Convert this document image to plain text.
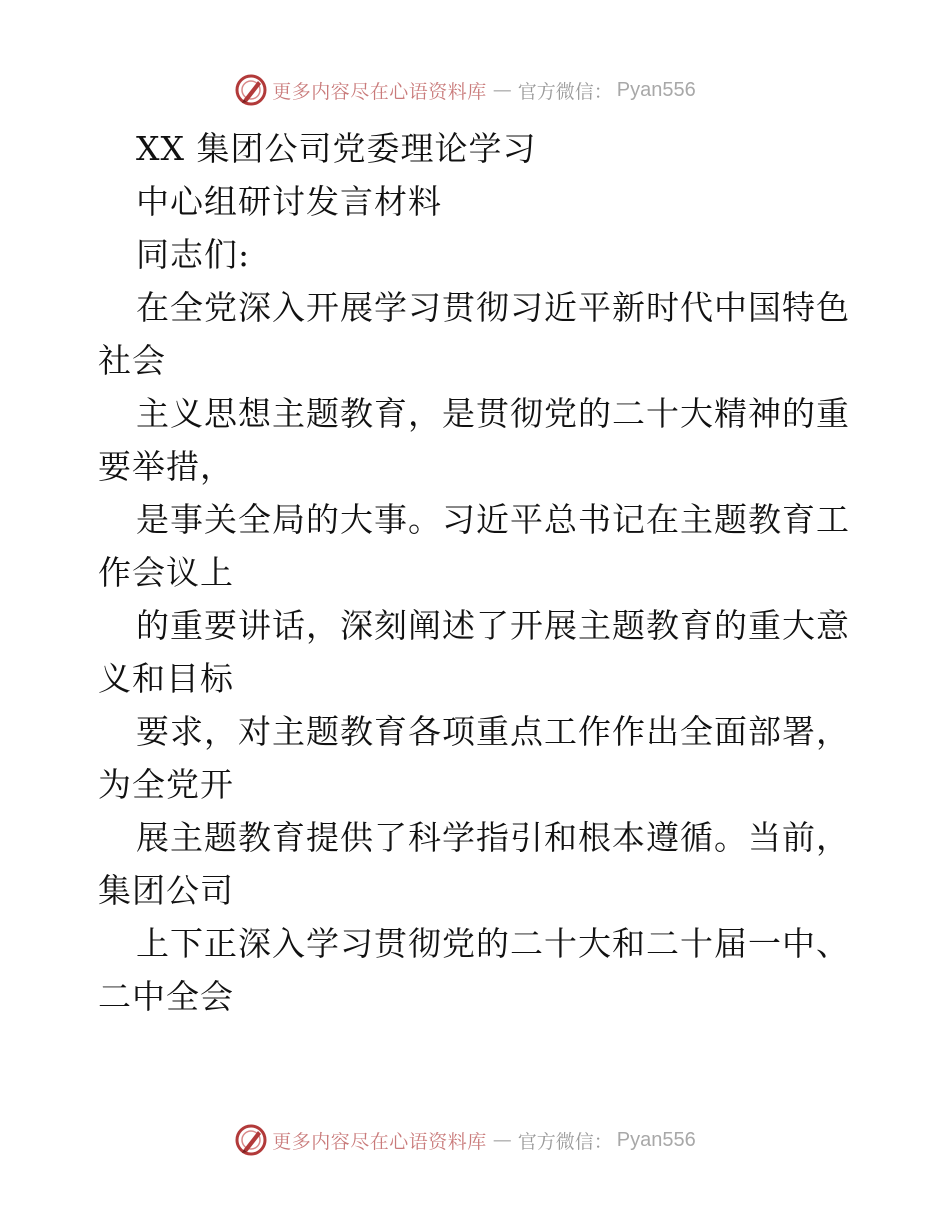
更多内容尽在心语资料库 — 官方微信： Pyan556
XX 集团公司党委理论学习
中心组研讨发言材料
同志们:
在全党深入开展学习贯彻习近平新时代中国特色
社会
主义思想主题教育，是贯彻党的二十大精神的重
要举措，
是事关全局的大事。习近平总书记在主题教育工
作会议上
的重要讲话，深刻阐述了开展主题教育的重大意
义和目标
要求，对主题教育各项重点工作作出全面部署，
为全党开
展主题教育提供了科学指引和根本遵循。当前，
集团公司
上下正深入学习贯彻党的二十大和二十届一中、
二中全会
更多内容尽在心语资料库 — 官方微信： Pyan556
